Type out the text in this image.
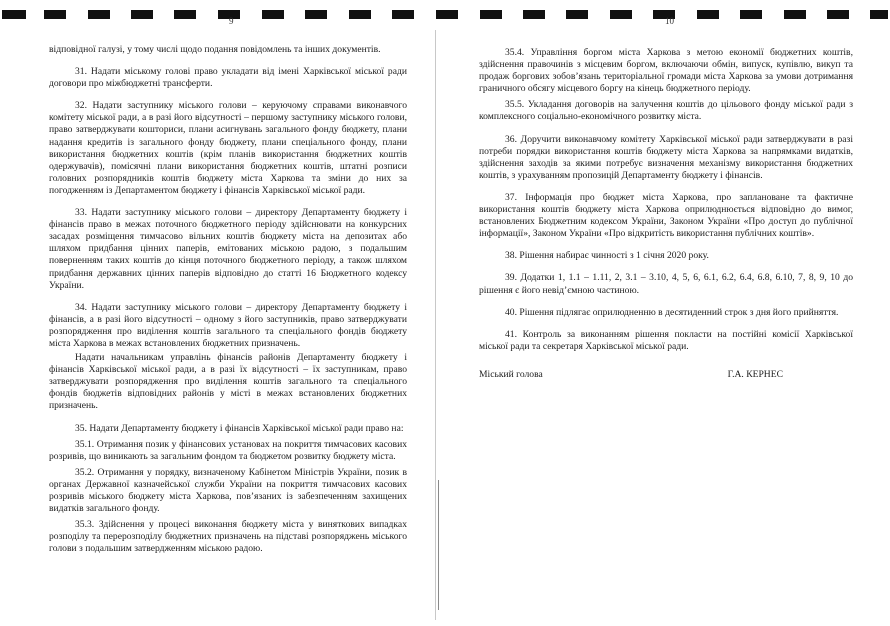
9	10

відповідної галузі, у тому числі щодо подання повідомлень та інших документів.

31. Надати міському голові право укладати від імені Харківської міської ради договори про міжбюджетні трансферти.

32. Надати заступнику міського голови – керуючому справами виконавчого комітету міської ради, а в разі його відсутності – першому заступнику міського голови, право затверджувати кошториси, плани асигнувань загального фонду бюджету, плани надання кредитів із загального фонду бюджету, плани спеціального фонду, плани використання бюджетних коштів (крім планів використання бюджетних коштів одержувачів), помісячні плани використання бюджетних коштів, штатні розписи головних розпорядників коштів бюджету міста Харкова та зміни до них за погодженням із Департаментом бюджету і фінансів Харківської міської ради.

33. Надати заступнику міського голови – директору Департаменту бюджету і фінансів право в межах поточного бюджетного періоду здійснювати на конкурсних засадах розміщення тимчасово вільних коштів бюджету міста на депозитах або шляхом придбання цінних паперів, емітованих міською радою, з подальшим поверненням таких коштів до кінця поточного бюджетного періоду, а також шляхом придбання державних цінних паперів відповідно до статті 16 Бюджетного кодексу України.

34. Надати заступнику міського голови – директору Департаменту бюджету і фінансів, а в разі його відсутності – одному з його заступників, право затверджувати розпорядження про виділення коштів загального та спеціального фондів бюджету міста Харкова в межах встановлених бюджетних призначень.

Надати начальникам управлінь фінансів районів Департаменту бюджету і фінансів Харківської міської ради, а в разі їх відсутності – їх заступникам, право затверджувати розпорядження про виділення коштів загального та спеціального фондів бюджетів відповідних районів у місті в межах встановлених бюджетних призначень.

35. Надати Департаменту бюджету і фінансів Харківської міської ради право на:

35.1. Отримання позик у фінансових установах на покриття тимчасових касових розривів, що виникають за загальним фондом та бюджетом розвитку бюджету міста.

35.2. Отримання у порядку, визначеному Кабінетом Міністрів України, позик в органах Державної казначейської служби України на покриття тимчасових касових розривів міського бюджету міста Харкова, пов’язаних із забезпеченням захищених видатків загального фонду.

35.3. Здійснення у процесі виконання бюджету міста у виняткових випадках розподілу та перерозподілу бюджетних призначень на підставі розпоряджень міського голови з подальшим затвердженням міською радою.

35.4. Управління боргом міста Харкова з метою економії бюджетних коштів, здійснення правочинів з місцевим боргом, включаючи обмін, випуск, купівлю, викуп та продаж боргових зобов’язань територіальної громади міста Харкова за умови дотримання граничного обсягу місцевого боргу на кінець бюджетного періоду.

35.5. Укладання договорів на залучення коштів до цільового фонду міської ради з комплексного соціально-економічного розвитку міста.

36. Доручити виконавчому комітету Харківської міської ради затверджувати в разі потреби порядки використання коштів бюджету міста Харкова за напрямками видатків, здійснення заходів за якими потребує визначення механізму використання бюджетних коштів, з урахуванням пропозицій Департаменту бюджету і фінансів.

37. Інформація про бюджет міста Харкова, про заплановане та фактичне використання коштів бюджету міста Харкова оприлюднюється відповідно до вимог, встановлених Бюджетним кодексом України, Законом України «Про доступ до публічної інформації», Законом України «Про відкритість використання публічних коштів».

38. Рішення набирає чинності з 1 січня 2020 року.

39. Додатки 1, 1.1 – 1.11, 2, 3.1 – 3.10, 4, 5, 6, 6.1, 6.2, 6.4, 6.8, 6.10, 7, 8, 9, 10 до рішення є його невід’ємною частиною.

40. Рішення підлягає оприлюдненню в десятиденний строк з дня його прийняття.

41. Контроль за виконанням рішення покласти на постійні комісії Харківської міської ради та секретаря Харківської міської ради.

Міський голова	Г.А. КЕРНЕС
